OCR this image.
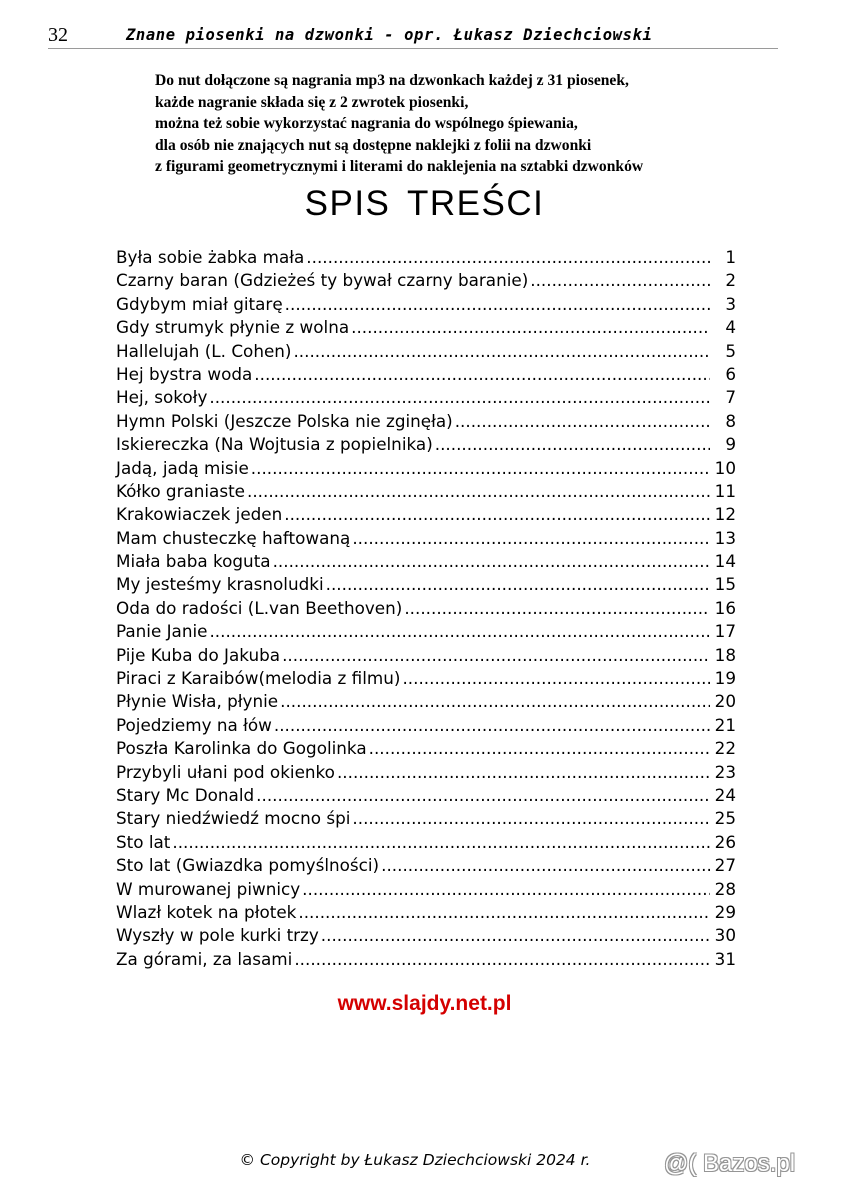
32	Znane piosenki na dzwonki - opr. Łukasz Dziechciowski
Do nut dołączone są nagrania mp3 na dzwonkach każdej z 31 piosenek,
każde nagranie składa się z 2 zwrotek piosenki,
można też sobie wykorzystać nagrania do wspólnego śpiewania,
dla osób nie znających nut są dostępne naklejki z folii na dzwonki
z figurami geometrycznymi i literami do naklejenia na sztabki dzwonków
SPIS TREŚCI
Była sobie żabka mała .....	1
Czarny baran (Gdzieżeś ty bywał czarny baranie) .....	2
Gdybym miał gitarę .....	3
Gdy strumyk płynie z wolna .....	4
Hallelujah (L. Cohen) .....	5
Hej bystra woda .....	6
Hej, sokoły .....	7
Hymn Polski (Jeszcze Polska nie zginęła) .....	8
Iskiereczka (Na Wojtusia z popielnika) .....	9
Jadą, jadą misie .....	10
Kółko graniaste .....	11
Krakowiaczek jeden .....	12
Mam chusteczkę haftowaną .....	13
Miała baba koguta .....	14
My jesteśmy krasnoludki .....	15
Oda do radości (L.van Beethoven) .....	16
Panie Janie .....	17
Pije Kuba do Jakuba .....	18
Piraci z Karaibów(melodia z filmu) .....	19
Płynie Wisła, płynie .....	20
Pojedziemy na łów .....	21
Poszła Karolinka do Gogolinka .....	22
Przybyli ułani pod okienko .....	23
Stary Mc Donald .....	24
Stary niedźwiedź mocno śpi .....	25
Sto lat .....	26
Sto lat (Gwiazdka pomyślności) .....	27
W murowanej piwnicy .....	28
Wlazł kotek na płotek .....	29
Wyszły w pole kurki trzy .....	30
Za górami, za lasami .....	31
www.slajdy.net.pl
© Copyright by Łukasz Dziechciowski 2024 r.	@( Bazos.pl
